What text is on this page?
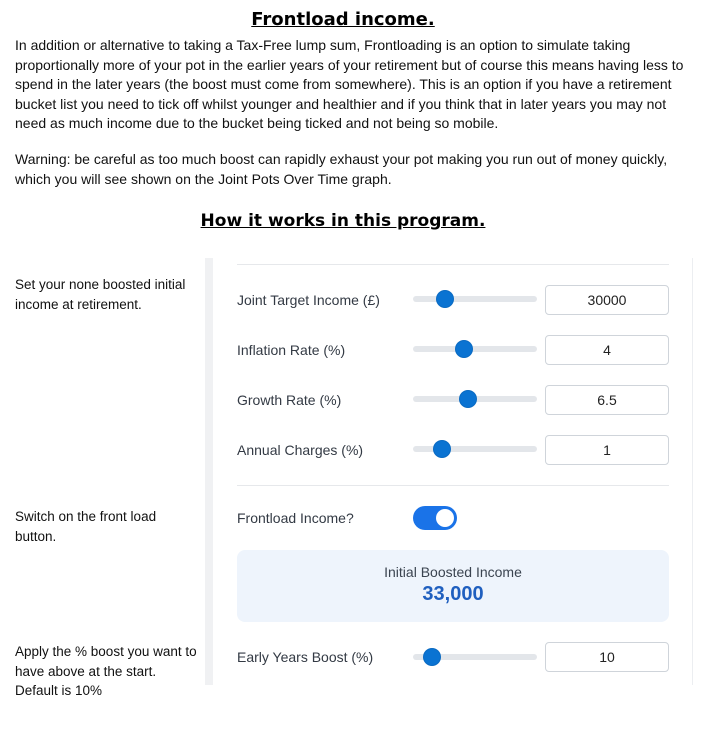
Frontload income.

In addition or alternative to taking a Tax-Free lump sum, Frontloading is an option to simulate taking proportionally more of your pot in the earlier years of your retirement but of course this means having less to spend in the later years (the boost must come from somewhere). This is an option if you have a retirement bucket list you need to tick off whilst younger and healthier and if you think that in later years you may not need as much income due to the bucket being ticked and not being so mobile.

Warning: be careful as too much boost can rapidly exhaust your pot making you run out of money quickly, which you will see shown on the Joint Pots Over Time graph.

How it works in this program.
Set your none boosted initial income at retirement.
Switch on the front load button.
Apply the % boost you want to have above at the start. Default is 10%
Joint Target Income (£)	30000
Inflation Rate (%)	4
Growth Rate (%)	6.5
Annual Charges (%)	1
Frontload Income?
Initial Boosted Income
33,000
Early Years Boost (%)	10
